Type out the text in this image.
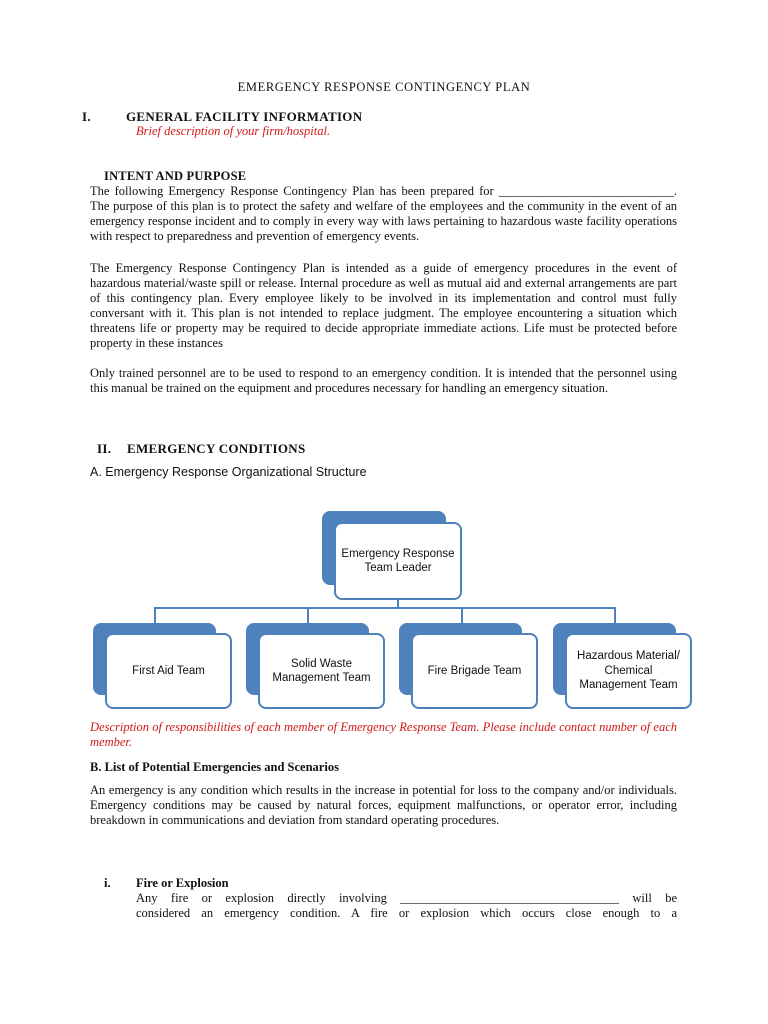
EMERGENCY RESPONSE CONTINGENCY PLAN
I.	GENERAL FACILITY INFORMATION
Brief description of your firm/hospital.
INTENT AND PURPOSE

The following Emergency Response Contingency Plan has been prepared for ____________________________. The purpose of this plan is to protect the safety and welfare of the employees and the community in the event of an emergency response incident and to comply in every way with laws pertaining to hazardous waste facility operations with respect to preparedness and prevention of emergency events.

The Emergency Response Contingency Plan is intended as a guide of emergency procedures in the event of hazardous material/waste spill or release. Internal procedure as well as mutual aid and external arrangements are part of this contingency plan. Every employee likely to be involved in its implementation and control must fully conversant with it. This plan is not intended to replace judgment. The employee encountering a situation which threatens life or property may be required to decide appropriate immediate actions. Life must be protected before property in these instances

Only trained personnel are to be used to respond to an emergency condition. It is intended that the personnel using this manual be trained on the equipment and procedures necessary for handling an emergency situation.

II. EMERGENCY CONDITIONS
A. Emergency Response Organizational Structure
Emergency Response Team Leader
First Aid Team
Solid Waste Management Team
Fire Brigade Team
Hazardous Material/ Chemical Management Team

Description of responsibilities of each member of Emergency Response Team. Please include contact number of each member.

B. List of Potential Emergencies and Scenarios

An emergency is any condition which results in the increase in potential for loss to the company and/or individuals. Emergency conditions may be caused by natural forces, equipment malfunctions, or operator error, including breakdown in communications and deviation from standard operating procedures.

i. Fire or Explosion
Any fire or explosion directly involving ___________________________________ will be
considered an emergency condition. A fire or explosion which occurs close enough to a
